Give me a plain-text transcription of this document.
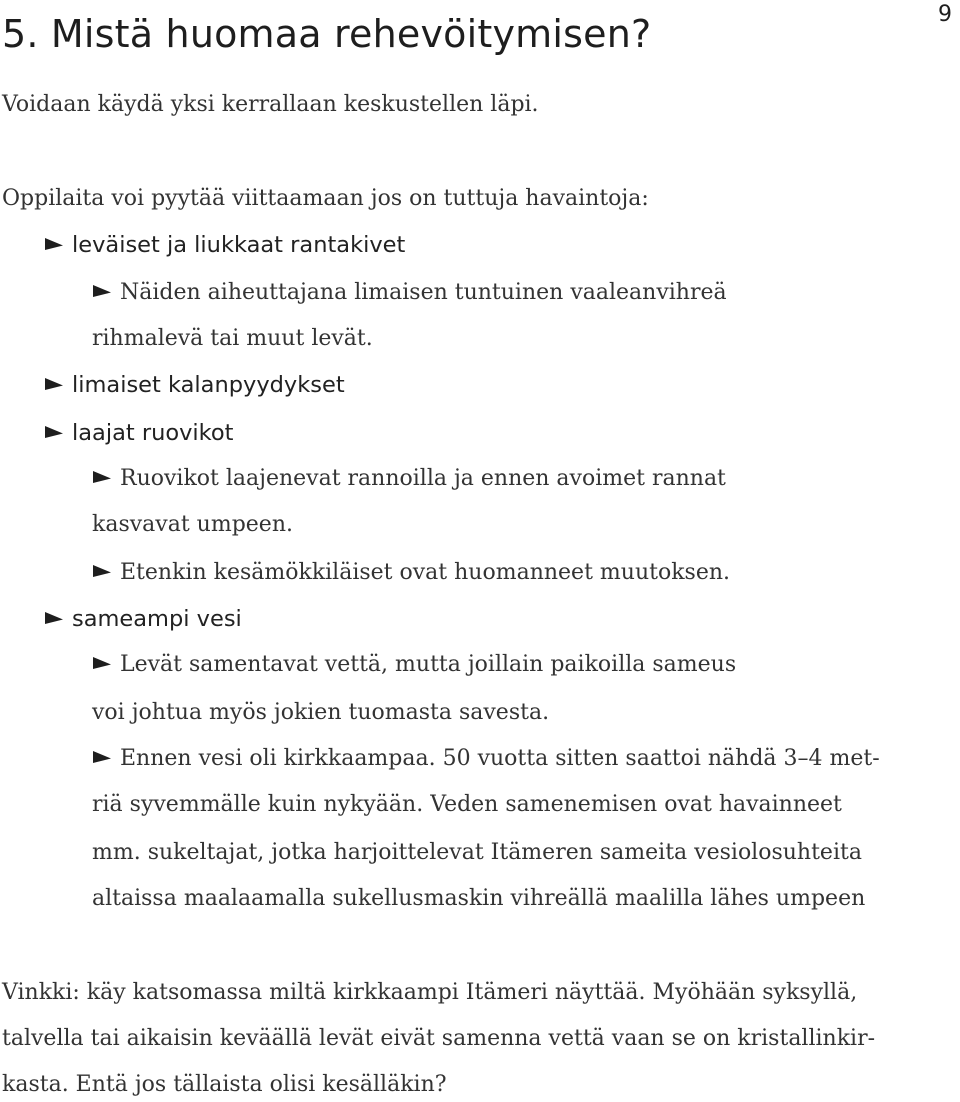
5. Mistä huomaa rehevöitymisen?	9
Voidaan käydä yksi kerrallaan keskustellen läpi.
Oppilaita voi pyytää viittaamaan jos on tuttuja havaintoja:
leväiset ja liukkaat rantakivet
Näiden aiheuttajana limaisen tuntuinen vaaleanvihreä
rihmalevä tai muut levät.
limaiset kalanpyydykset
laajat ruovikot
Ruovikot laajenevat rannoilla ja ennen avoimet rannat
kasvavat umpeen.
Etenkin kesämökkiläiset ovat huomanneet muutoksen.
sameampi vesi
Levät samentavat vettä, mutta joillain paikoilla sameus
voi johtua myös jokien tuomasta savesta.
Ennen vesi oli kirkkaampaa. 50 vuotta sitten saattoi nähdä 3–4 met-
riä syvemmälle kuin nykyään. Veden samenemisen ovat havainneet
mm. sukeltajat, jotka harjoittelevat Itämeren sameita vesiolosuhteita
altaissa maalaamalla sukellusmaskin vihreällä maalilla lähes umpeen
Vinkki: käy katsomassa miltä kirkkaampi Itämeri näyttää. Myöhään syksyllä,
talvella tai aikaisin keväällä levät eivät samenna vettä vaan se on kristallinkir-
kasta. Entä jos tällaista olisi kesälläkin?
